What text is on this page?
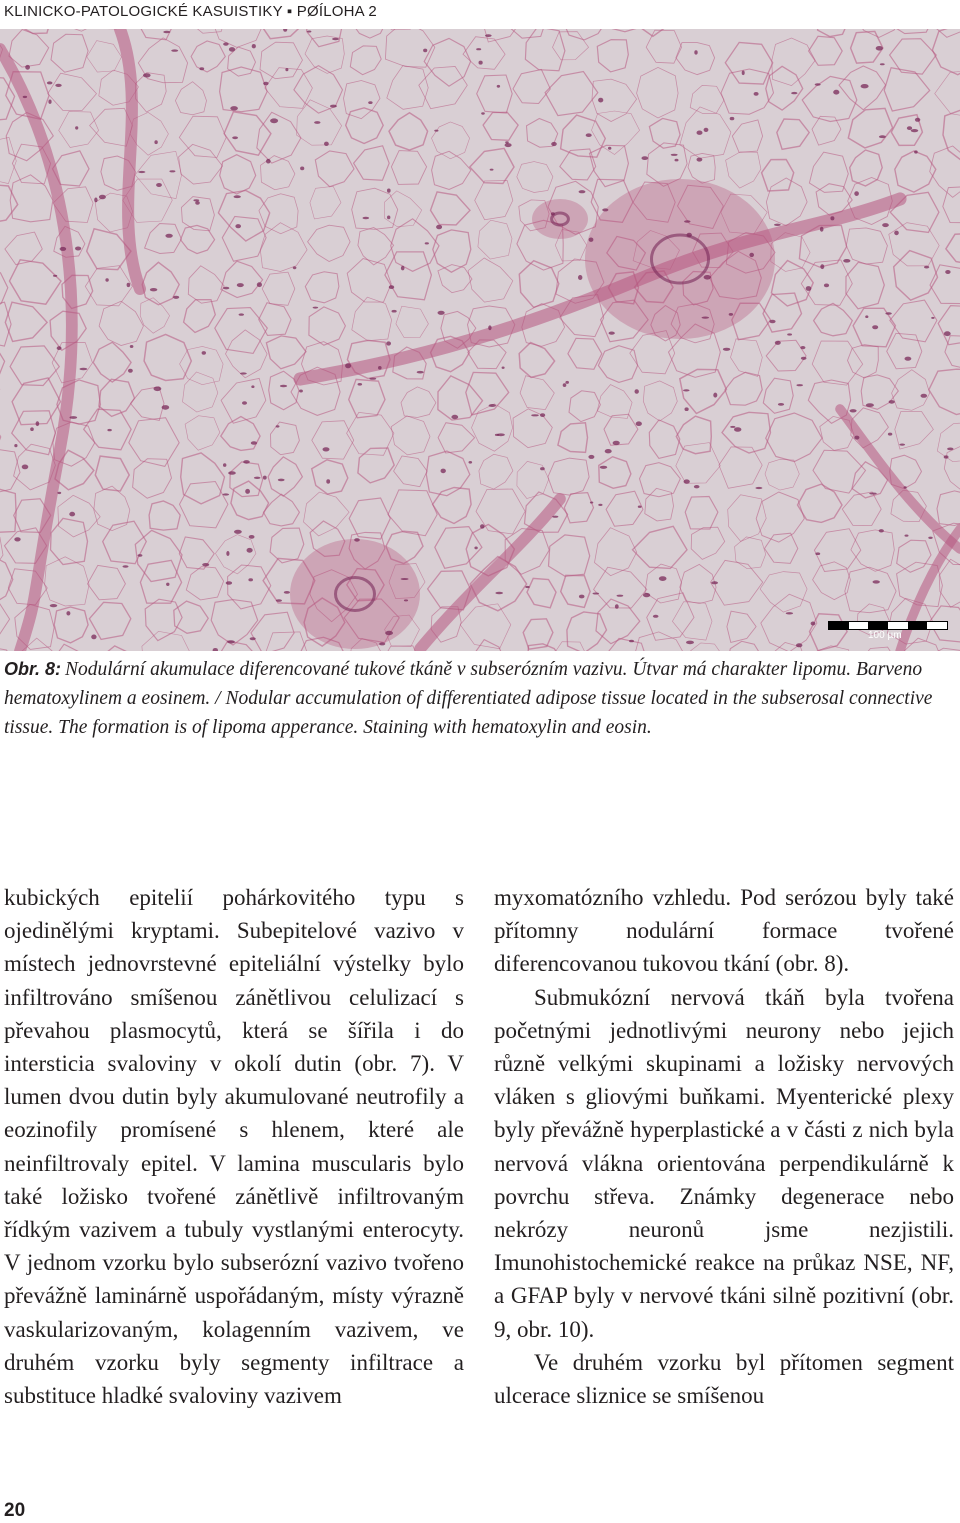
KLINICKO-PATOLOGICKÉ KASUISTIKY ▪ PØÍLOHA 2
100 µm
Obr. 8: Nodulární akumulace diferencované tukové tkáně v subserózním vazivu. Útvar má charakter lipomu. Barveno hematoxylinem a eosinem. / Nodular accumulation of differentiated adipose tissue located in the subserosal connective tissue. The formation is of lipoma apperance. Staining with hematoxylin and eosin.

kubických epitelií pohárkovitého typu s ojedinělými kryptami. Subepitelové vazivo v místech jednovrstevné epiteliální výstelky bylo infiltrováno smíšenou zánětlivou celulizací s převahou plasmocytů, která se šířila i do intersticia svaloviny v okolí dutin (obr. 7). V lumen dvou dutin byly akumulované neutrofily a eozinofily promísené s hlenem, které ale neinfiltrovaly epitel. V lamina muscularis bylo také ložisko tvořené zánětlivě infiltrovaným řídkým vazivem a tubuly vystlanými enterocyty. V jednom vzorku bylo subserózní vazivo tvořeno převážně laminárně uspořádaným, místy výrazně vaskularizovaným, kolagenním vazivem, ve druhém vzorku byly segmenty infiltrace a substituce hladké svaloviny vazivem

myxomatózního vzhledu. Pod serózou byly také přítomny nodulární formace tvořené diferencovanou tukovou tkání (obr. 8).

Submukózní nervová tkáň byla tvořena početnými jednotlivými neurony nebo jejich různě velkými skupinami a ložisky nervových vláken s gliovými buňkami. Myenterické plexy byly převážně hyperplastické a v části z nich byla nervová vlákna orientována perpendikulárně k povrchu střeva. Známky degenerace nebo nekrózy neuronů jsme nezjistili. Imunohistochemické reakce na průkaz NSE, NF, a GFAP byly v nervové tkáni silně pozitivní (obr. 9, obr. 10).

Ve druhém vzorku byl přítomen segment ulcerace sliznice se smíšenou

20
